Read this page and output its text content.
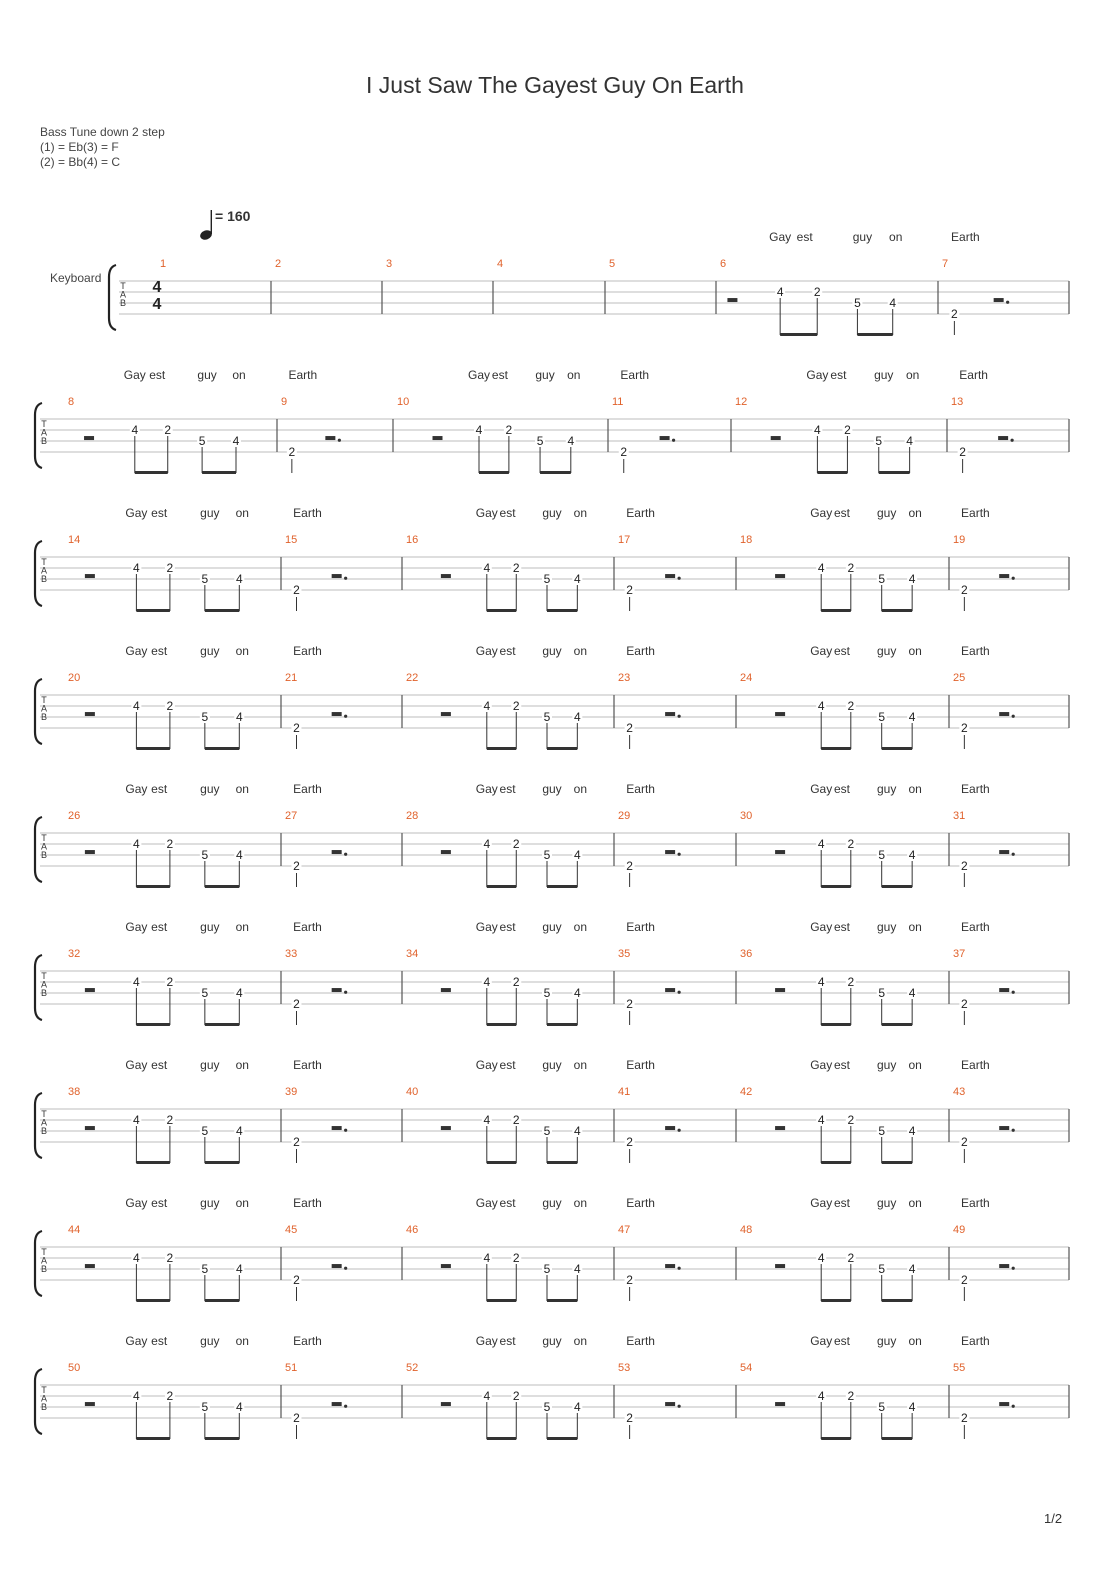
I Just Saw The Gayest Guy On Earth
Bass Tune down 2 step
(1) = Eb(3) = F
(2) = Bb(4) = C
= 160
Keyboard
T
A
B
1	2	3	4	5	6
4	2
5 4
Gay est	guy on
7
2
Earth
4
4
T
A
B
8
4 2
5 4
Gay est	guy on
9
2
Earth
10
4 2
5 4
Gay est guy on
11
2
Earth
12
4 2
5 4
Gay est guy on
13
2
Earth
T
A
B
14
4 2
5 4
Gay est	guy on
15
2
Earth
16
4 2
5 4
Gay est guy on
17
2
Earth
18
4 2
5 4
Gay est guy on
19
2
Earth
T
A
B
20
4 2
5 4
Gay est	guy on
21
2
Earth
22
4 2
5 4
Gay est guy on
23
2
Earth
24
4 2
5 4
Gay est guy on
25
2
Earth
T
A
B
26
4 2
5 4
Gay est	guy on
27
2
Earth
28
4 2
5 4
Gay est guy on
29
2
Earth
30
4 2
5 4
Gay est guy on
31
2
Earth
T
A
B
32
4 2
5 4
Gay est	guy on
33
2
Earth
34
4 2
5 4
Gay est guy on
35
2
Earth
36
4 2
5 4
Gay est guy on
37
2
Earth
T
A
B
38
4 2
5 4
Gay est	guy on
39
2
Earth
40
4 2
5 4
Gay est guy on
41
2
Earth
42
4 2
5 4
Gay est guy on
43
2
Earth
T
A
B
44
4 2
5 4
Gay est	guy on
45
2
Earth
46
4 2
5 4
Gay est guy on
47
2
Earth
48
4 2
5 4
Gay est guy on
49
2
Earth
T
A
B
50
4 2
5 4
Gay est	guy on
51
2
Earth
52
4 2
5 4
Gay est guy on
53
2
Earth
54
4 2
5 4
Gay est guy on
55
2
Earth
1/2
